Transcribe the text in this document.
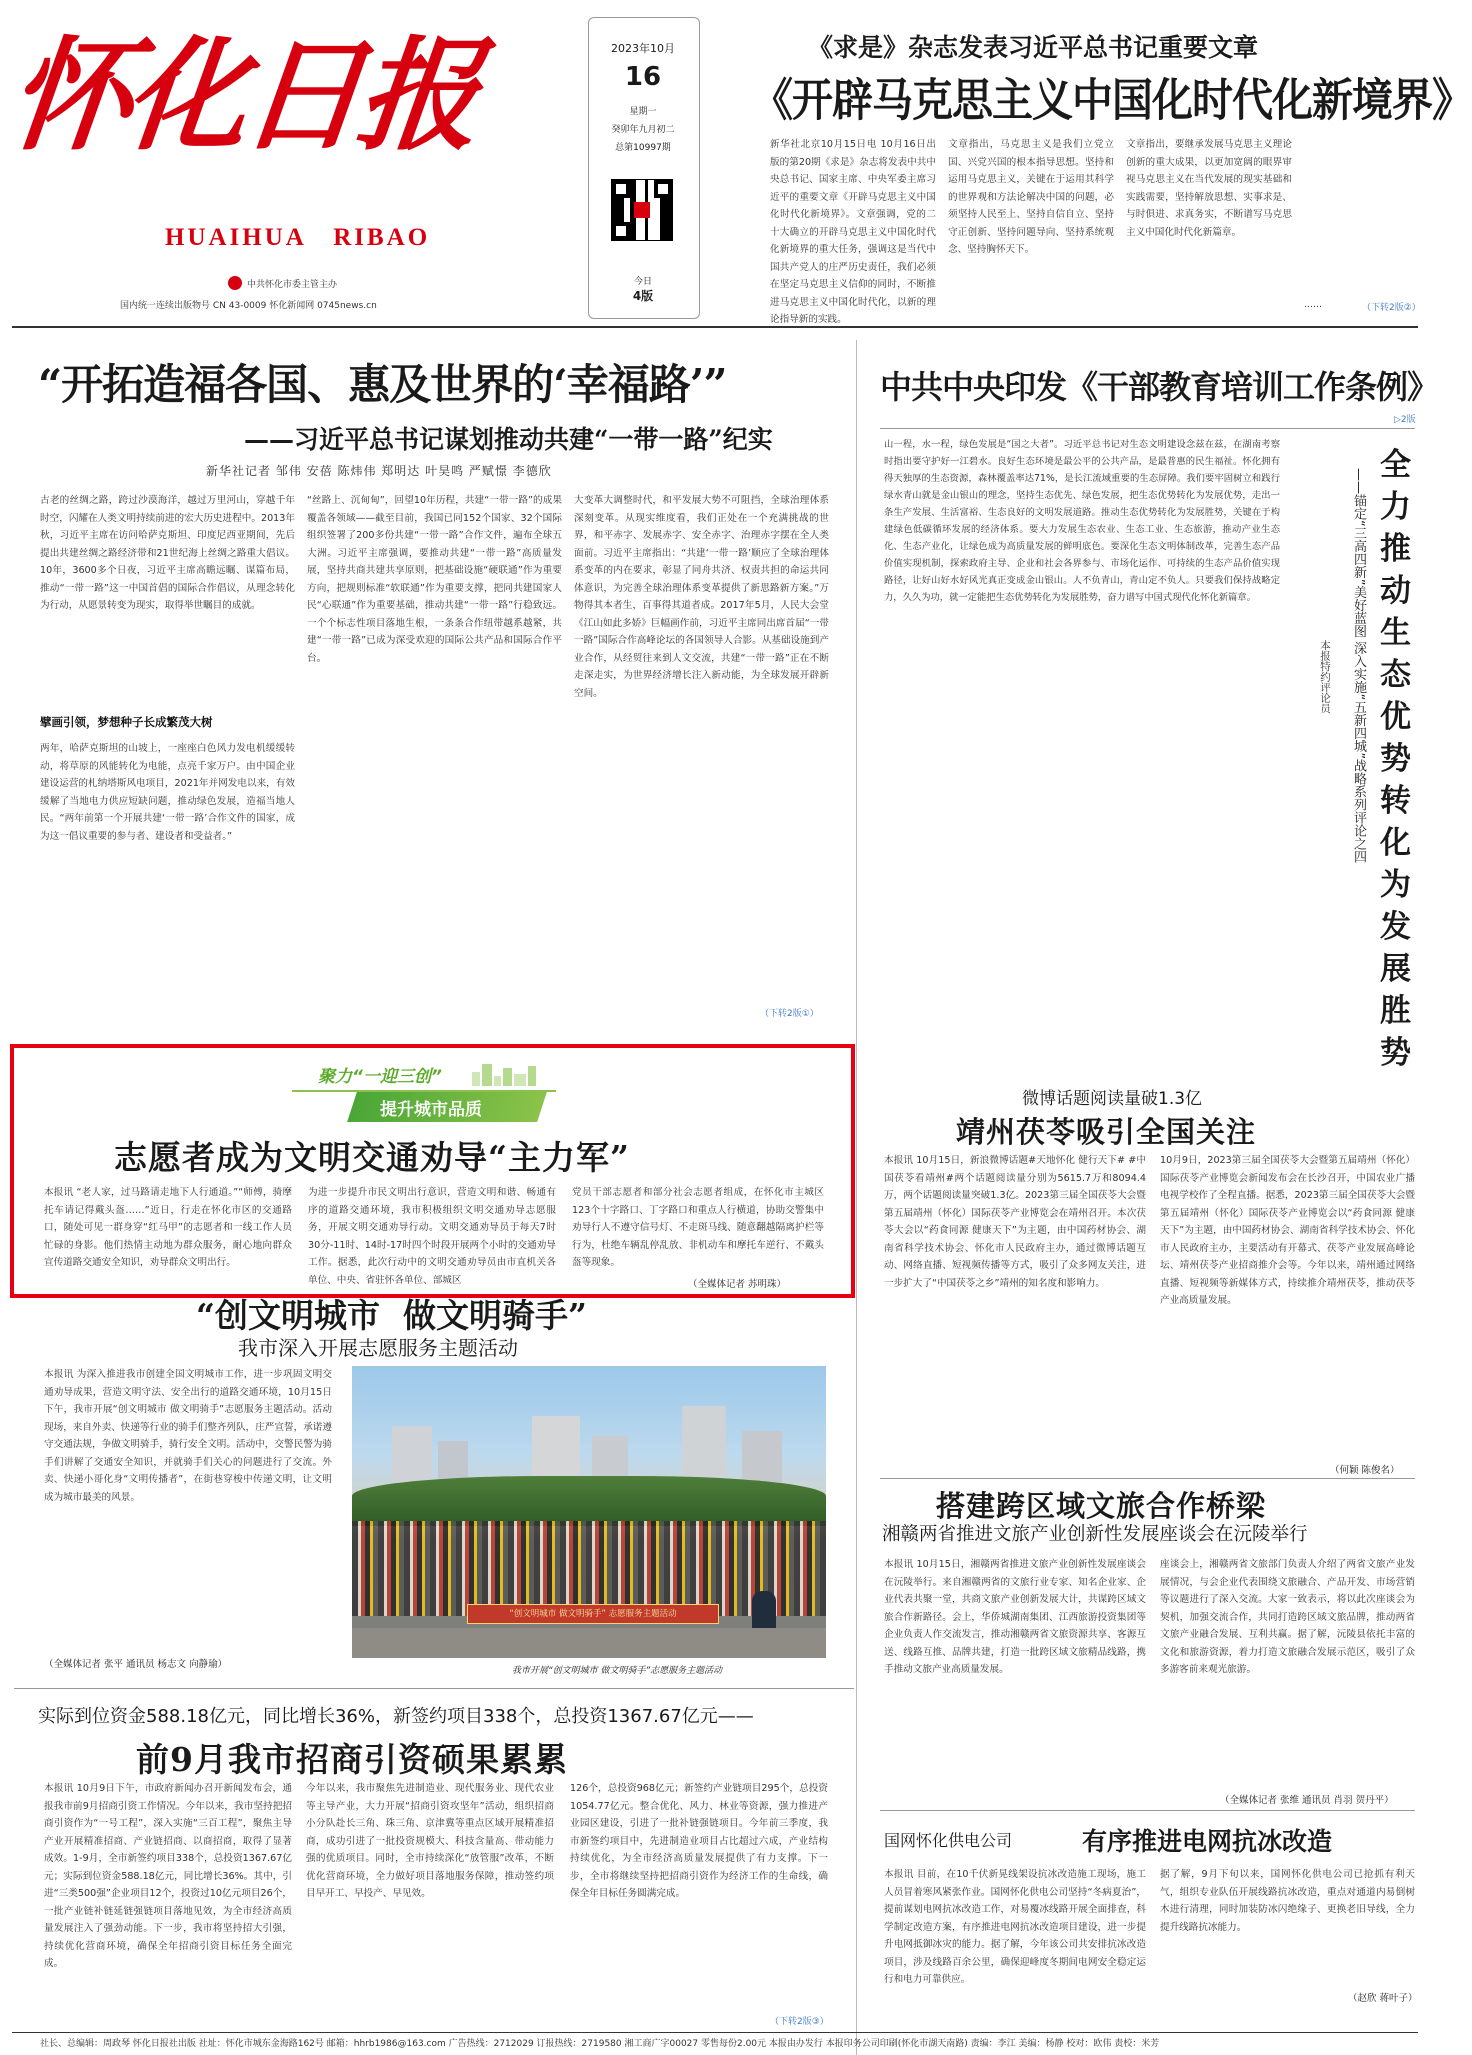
怀化日报
HUAIHUA   RIBAO
中共怀化市委主管主办
国内统一连续出版物号 CN 43-0009 怀化新闻网 0745news.cn
2023年10月
16
星期一
癸卯年九月初二
总第10997期
今日
4版
《求是》杂志发表习近平总书记重要文章
《开辟马克思主义中国化时代化新境界》
新华社北京10月15日电 10月16日出版的第20期《求是》杂志将发表中共中央总书记、国家主席、中央军委主席习近平的重要文章《开辟马克思主义中国化时代化新境界》。文章强调，党的二十大确立的开辟马克思主义中国化时代化新境界的重大任务，强调这是当代中国共产党人的庄严历史责任，我们必须在坚定马克思主义信仰的同时，不断推进马克思主义中国化时代化，以新的理论指导新的实践。
文章指出，马克思主义是我们立党立国、兴党兴国的根本指导思想。坚持和运用马克思主义，关键在于运用其科学的世界观和方法论解决中国的问题，必须坚持人民至上、坚持自信自立、坚持守正创新、坚持问题导向、坚持系统观念、坚持胸怀天下。
文章指出，要继承发展马克思主义理论创新的重大成果，以更加宽阔的眼界审视马克思主义在当代发展的现实基础和实践需要，坚持解放思想、实事求是、与时俱进、求真务实，不断谱写马克思主义中国化时代化新篇章。
（下转2版②）
……
“开拓造福各国、惠及世界的‘幸福路’”
——习近平总书记谋划推动共建“一带一路”纪实
新华社记者 邹伟 安蓓 陈炜伟 郑明达 叶昊鸣 严赋憬 李德欣
古老的丝绸之路，跨过沙漠海洋，越过万里河山，穿越千年时空，闪耀在人类文明持续前进的宏大历史进程中。2013年秋，习近平主席在访问哈萨克斯坦、印度尼西亚期间，先后提出共建丝绸之路经济带和21世纪海上丝绸之路重大倡议。10年，3600多个日夜，习近平主席高瞻远瞩、谋篇布局，推动“一带一路”这一中国首倡的国际合作倡议，从理念转化为行动，从愿景转变为现实，取得举世瞩目的成就。
擘画引领，梦想种子长成繁茂大树
两年，哈萨克斯坦的山坡上，一座座白色风力发电机缓缓转动，将草原的风能转化为电能，点亮千家万户。由中国企业建设运营的札纳塔斯风电项目，2021年并网发电以来，有效缓解了当地电力供应短缺问题，推动绿色发展，造福当地人民。“两年前第一个开展共建‘一带一路’合作文件的国家，成为这一倡议重要的参与者、建设者和受益者。”
“丝路上、沉甸甸”，回望10年历程，共建“一带一路”的成果覆盖各领域——截至目前，我国已同152个国家、32个国际组织签署了200多份共建“一带一路”合作文件，遍布全球五大洲。习近平主席强调，要推动共建“一带一路”高质量发展，坚持共商共建共享原则，把基础设施“硬联通”作为重要方向，把规则标准“软联通”作为重要支撑，把同共建国家人民“心联通”作为重要基础，推动共建“一带一路”行稳致远。一个个标志性项目落地生根，一条条合作纽带越系越紧，共建“一带一路”已成为深受欢迎的国际公共产品和国际合作平台。
大变革大调整时代，和平发展大势不可阻挡，全球治理体系深刻变革。从现实维度看，我们正处在一个充满挑战的世界，和平赤字、发展赤字、安全赤字、治理赤字摆在全人类面前。习近平主席指出：“共建‘一带一路’顺应了全球治理体系变革的内在要求，彰显了同舟共济、权责共担的命运共同体意识，为完善全球治理体系变革提供了新思路新方案。”万物得其本者生，百事得其道者成。2017年5月，人民大会堂《江山如此多娇》巨幅画作前，习近平主席同出席首届“一带一路”国际合作高峰论坛的各国领导人合影。从基础设施到产业合作，从经贸往来到人文交流，共建“一带一路”正在不断走深走实，为世界经济增长注入新动能，为全球发展开辟新空间。
（下转2版①）
中共中央印发《干部教育培训工作条例》
▷2版
山一程，水一程，绿色发展是“国之大者”。习近平总书记对生态文明建设念兹在兹，在湖南考察时指出要守护好一江碧水。良好生态环境是最公平的公共产品，是最普惠的民生福祉。怀化拥有得天独厚的生态资源，森林覆盖率达71%，是长江流域重要的生态屏障。我们要牢固树立和践行绿水青山就是金山银山的理念，坚持生态优先、绿色发展，把生态优势转化为发展优势，走出一条生产发展、生活富裕、生态良好的文明发展道路。推动生态优势转化为发展胜势，关键在于构建绿色低碳循环发展的经济体系。要大力发展生态农业、生态工业、生态旅游，推动产业生态化、生态产业化，让绿色成为高质量发展的鲜明底色。要深化生态文明体制改革，完善生态产品价值实现机制，探索政府主导、企业和社会各界参与、市场化运作、可持续的生态产品价值实现路径，让好山好水好风光真正变成金山银山。人不负青山，青山定不负人。只要我们保持战略定力，久久为功，就一定能把生态优势转化为发展胜势，奋力谱写中国式现代化怀化新篇章。
全力推动生态优势转化为发展胜势
——锚定“三高四新”美好蓝图 深入实施“五新四城”战略系列评论之四
本报特约评论员
微博话题阅读量破1.3亿
靖州茯苓吸引全国关注
本报讯 10月15日，新浪微博话题#天地怀化 健行天下# #中国茯苓看靖州#两个话题阅读量分别为5615.7万和8094.4万，两个话题阅读量突破1.3亿。2023第三届全国茯苓大会暨第五届靖州（怀化）国际茯苓产业博览会在靖州召开。本次茯苓大会以“药食同源 健康天下”为主题，由中国药材协会、湖南省科学技术协会、怀化市人民政府主办，通过微博话题互动、网络直播、短视频传播等方式，吸引了众多网友关注，进一步扩大了“中国茯苓之乡”靖州的知名度和影响力。
10月9日，2023第三届全国茯苓大会暨第五届靖州（怀化）国际茯苓产业博览会新闻发布会在长沙召开，中国农业广播电视学校作了全程直播。据悉，2023第三届全国茯苓大会暨第五届靖州（怀化）国际茯苓产业博览会以“药食同源 健康天下”为主题，由中国药材协会、湖南省科学技术协会、怀化市人民政府主办，主要活动有开幕式、茯苓产业发展高峰论坛、靖州茯苓产业招商推介会等。今年以来，靖州通过网络直播、短视频等新媒体方式，持续推介靖州茯苓，推动茯苓产业高质量发展。
（何颖 陈俊名）
搭建跨区域文旅合作桥梁
湘赣两省推进文旅产业创新性发展座谈会在沅陵举行
本报讯 10月15日，湘赣两省推进文旅产业创新性发展座谈会在沅陵举行。来自湘赣两省的文旅行业专家、知名企业家、企业代表共聚一堂，共商文旅产业创新发展大计，共谋跨区域文旅合作新路径。会上，华侨城湖南集团、江西旅游投资集团等企业负责人作交流发言，推动湘赣两省文旅资源共享、客源互送、线路互推、品牌共建，打造一批跨区域文旅精品线路，携手推动文旅产业高质量发展。
座谈会上，湘赣两省文旅部门负责人介绍了两省文旅产业发展情况，与会企业代表围绕文旅融合、产品开发、市场营销等议题进行了深入交流。大家一致表示，将以此次座谈会为契机，加强交流合作，共同打造跨区域文旅品牌，推动两省文旅产业融合发展、互利共赢。据了解，沅陵县依托丰富的文化和旅游资源，着力打造文旅融合发展示范区，吸引了众多游客前来观光旅游。
（全媒体记者 张维 通讯员 肖羽 贺丹平）
国网怀化供电公司	有序推进电网抗冰改造
本报讯 目前，在10千伏新晃线架设抗冰改造施工现场，施工人员冒着寒风紧张作业。国网怀化供电公司坚持“冬病夏治”，提前谋划电网抗冰改造工作，对易覆冰线路开展全面排查，科学制定改造方案，有序推进电网抗冰改造项目建设，进一步提升电网抵御冰灾的能力。据了解，今年该公司共安排抗冰改造项目，涉及线路百余公里，确保迎峰度冬期间电网安全稳定运行和电力可靠供应。
据了解，9月下旬以来，国网怀化供电公司已抢抓有利天气，组织专业队伍开展线路抗冰改造，重点对通道内易倒树木进行清理，同时加装防冰闪绝缘子、更换老旧导线，全力提升线路抗冰能力。
（赵欣 蒋叶子）
聚力“一迎三创”
提升城市品质
志愿者成为文明交通劝导“主力军”
本报讯 “老人家，过马路请走地下人行通道。”“师傅，骑摩托车请记得戴头盔……”近日，行走在怀化市区的交通路口，随处可见一群身穿“红马甲”的志愿者和一线工作人员忙碌的身影。他们热情主动地为群众服务，耐心地向群众宣传道路交通安全知识，劝导群众文明出行。
为进一步提升市民文明出行意识，营造文明和谐、畅通有序的道路交通环境，我市积极组织文明交通劝导志愿服务，开展文明交通劝导行动。文明交通劝导员于每天7时30分-11时、14时-17时四个时段开展两个小时的交通劝导工作。据悉，此次行动中的文明交通劝导员由市直机关各单位、中央、省驻怀各单位、部城区
党员干部志愿者和部分社会志愿者组成，在怀化市主城区123个十字路口、丁字路口和重点人行横道，协助交警集中劝导行人不遵守信号灯、不走斑马线、随意翻越隔离护栏等行为，杜绝车辆乱停乱放、非机动车和摩托车逆行、不戴头盔等现象。
（全媒体记者 苏明珠）
“创文明城市  做文明骑手”
我市深入开展志愿服务主题活动
本报讯 为深入推进我市创建全国文明城市工作，进一步巩固文明交通劝导成果，营造文明守法、安全出行的道路交通环境，10月15日下午，我市开展“创文明城市 做文明骑手”志愿服务主题活动。活动现场，来自外卖、快递等行业的骑手们整齐列队，庄严宣誓，承诺遵守交通法规，争做文明骑手，骑行安全文明。活动中，交警民警为骑手们讲解了交通安全知识，并就骑手们关心的问题进行了交流。外卖、快递小哥化身“文明传播者”，在街巷穿梭中传递文明，让文明成为城市最美的风景。
（全媒体记者 张平 通讯员 杨志文 向静瑜）
“创文明城市 做文明骑手” 志愿服务主题活动
我市开展“创文明城市 做文明骑手”志愿服务主题活动
实际到位资金588.18亿元，同比增长36%，新签约项目338个，总投资1367.67亿元——
前9月我市招商引资硕果累累
本报讯 10月9日下午，市政府新闻办召开新闻发布会，通报我市前9月招商引资工作情况。今年以来，我市坚持把招商引资作为“一号工程”，深入实施“三百工程”，聚焦主导产业开展精准招商、产业链招商、以商招商，取得了显著成效。1-9月，全市新签约项目338个，总投资1367.67亿元；实际到位资金588.18亿元，同比增长36%。其中，引进“三类500强”企业项目12个，投资过10亿元项目26个，一批产业链补链延链强链项目落地见效，为全市经济高质量发展注入了强劲动能。下一步，我市将坚持招大引强，持续优化营商环境，确保全年招商引资目标任务全面完成。
今年以来，我市聚焦先进制造业、现代服务业、现代农业等主导产业，大力开展“招商引资攻坚年”活动，组织招商小分队赴长三角、珠三角、京津冀等重点区域开展精准招商，成功引进了一批投资规模大、科技含量高、带动能力强的优质项目。同时，全市持续深化“放管服”改革，不断优化营商环境，全力做好项目落地服务保障，推动签约项目早开工、早投产、早见效。
126个，总投资968亿元；新签约产业链项目295个，总投资1054.77亿元。整合优化、风力、林业等资源，强力推进产业园区建设，引进了一批补链强链项目。今年前三季度，我市新签约项目中，先进制造业项目占比超过六成，产业结构持续优化，为全市经济高质量发展提供了有力支撑。下一步，全市将继续坚持把招商引资作为经济工作的生命线，确保全年目标任务圆满完成。
（下转2版③）
社长、总编辑：周政琴 怀化日报社出版 社址：怀化市城东金海路162号 邮箱：hhrb1986@163.com 广告热线：2712029 订报热线：2719580 湘工商广字00027 零售每份2.00元 本报由办发行 本报印务公司印刷(怀化市湖天南路) 责编：李江 美编：杨静 校对：欧伟 责校：米芳
